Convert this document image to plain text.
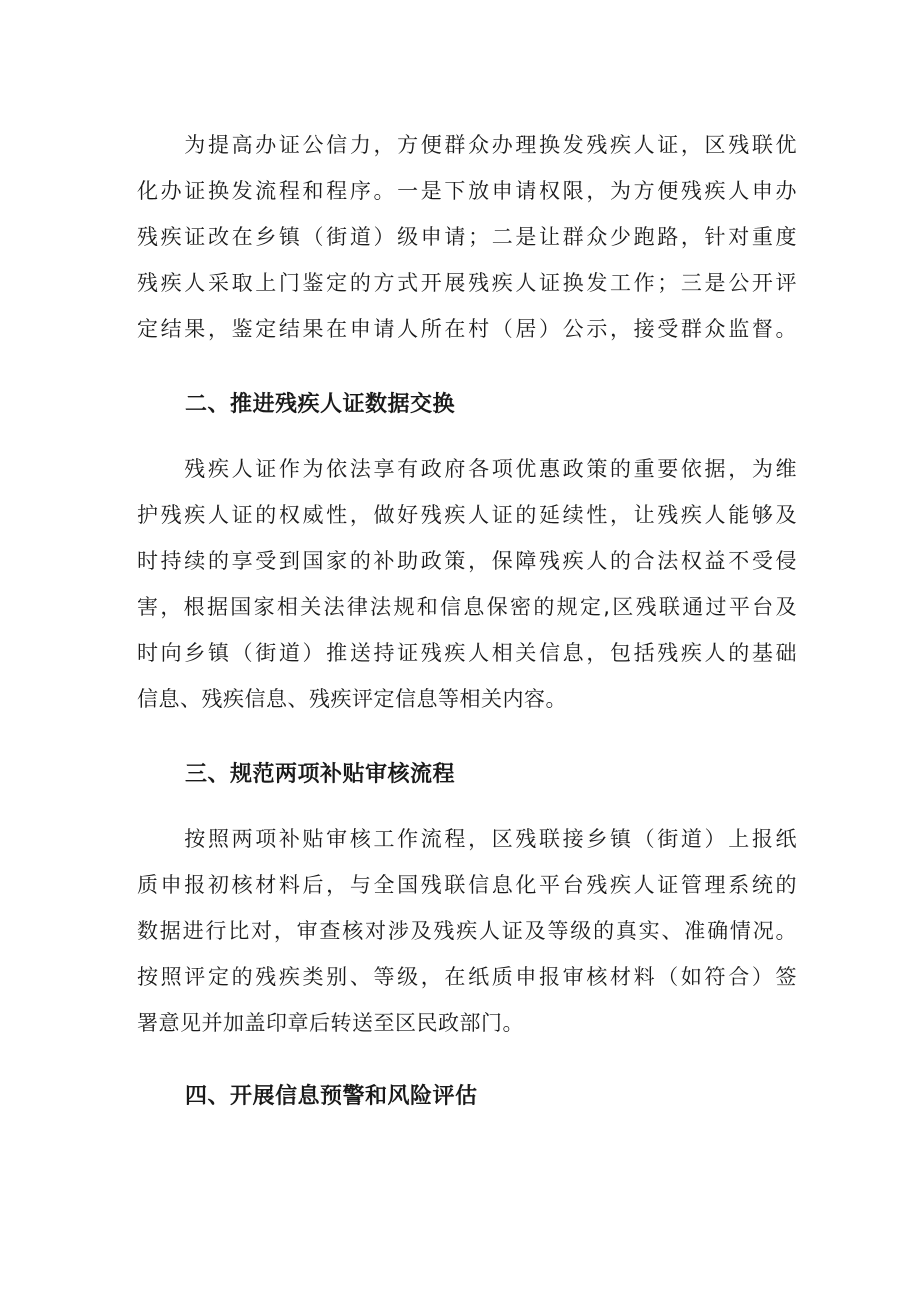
　　为提高办证公信力，方便群众办理换发残疾人证，区残联优
化办证换发流程和程序。一是下放申请权限，为方便残疾人申办
残疾证改在乡镇（街道）级申请；二是让群众少跑路，针对重度
残疾人采取上门鉴定的方式开展残疾人证换发工作；三是公开评
定结果，鉴定结果在申请人所在村（居）公示，接受群众监督。
二、推进残疾人证数据交换
　　残疾人证作为依法享有政府各项优惠政策的重要依据，为维
护残疾人证的权威性，做好残疾人证的延续性，让残疾人能够及
时持续的享受到国家的补助政策，保障残疾人的合法权益不受侵
害，根据国家相关法律法规和信息保密的规定,区残联通过平台及
时向乡镇（街道）推送持证残疾人相关信息，包括残疾人的基础
信息、残疾信息、残疾评定信息等相关内容。
三、规范两项补贴审核流程
　　按照两项补贴审核工作流程，区残联接乡镇（街道）上报纸
质申报初核材料后，与全国残联信息化平台残疾人证管理系统的
数据进行比对，审查核对涉及残疾人证及等级的真实、准确情况。
按照评定的残疾类别、等级，在纸质申报审核材料（如符合）签
署意见并加盖印章后转送至区民政部门。
四、开展信息预警和风险评估
